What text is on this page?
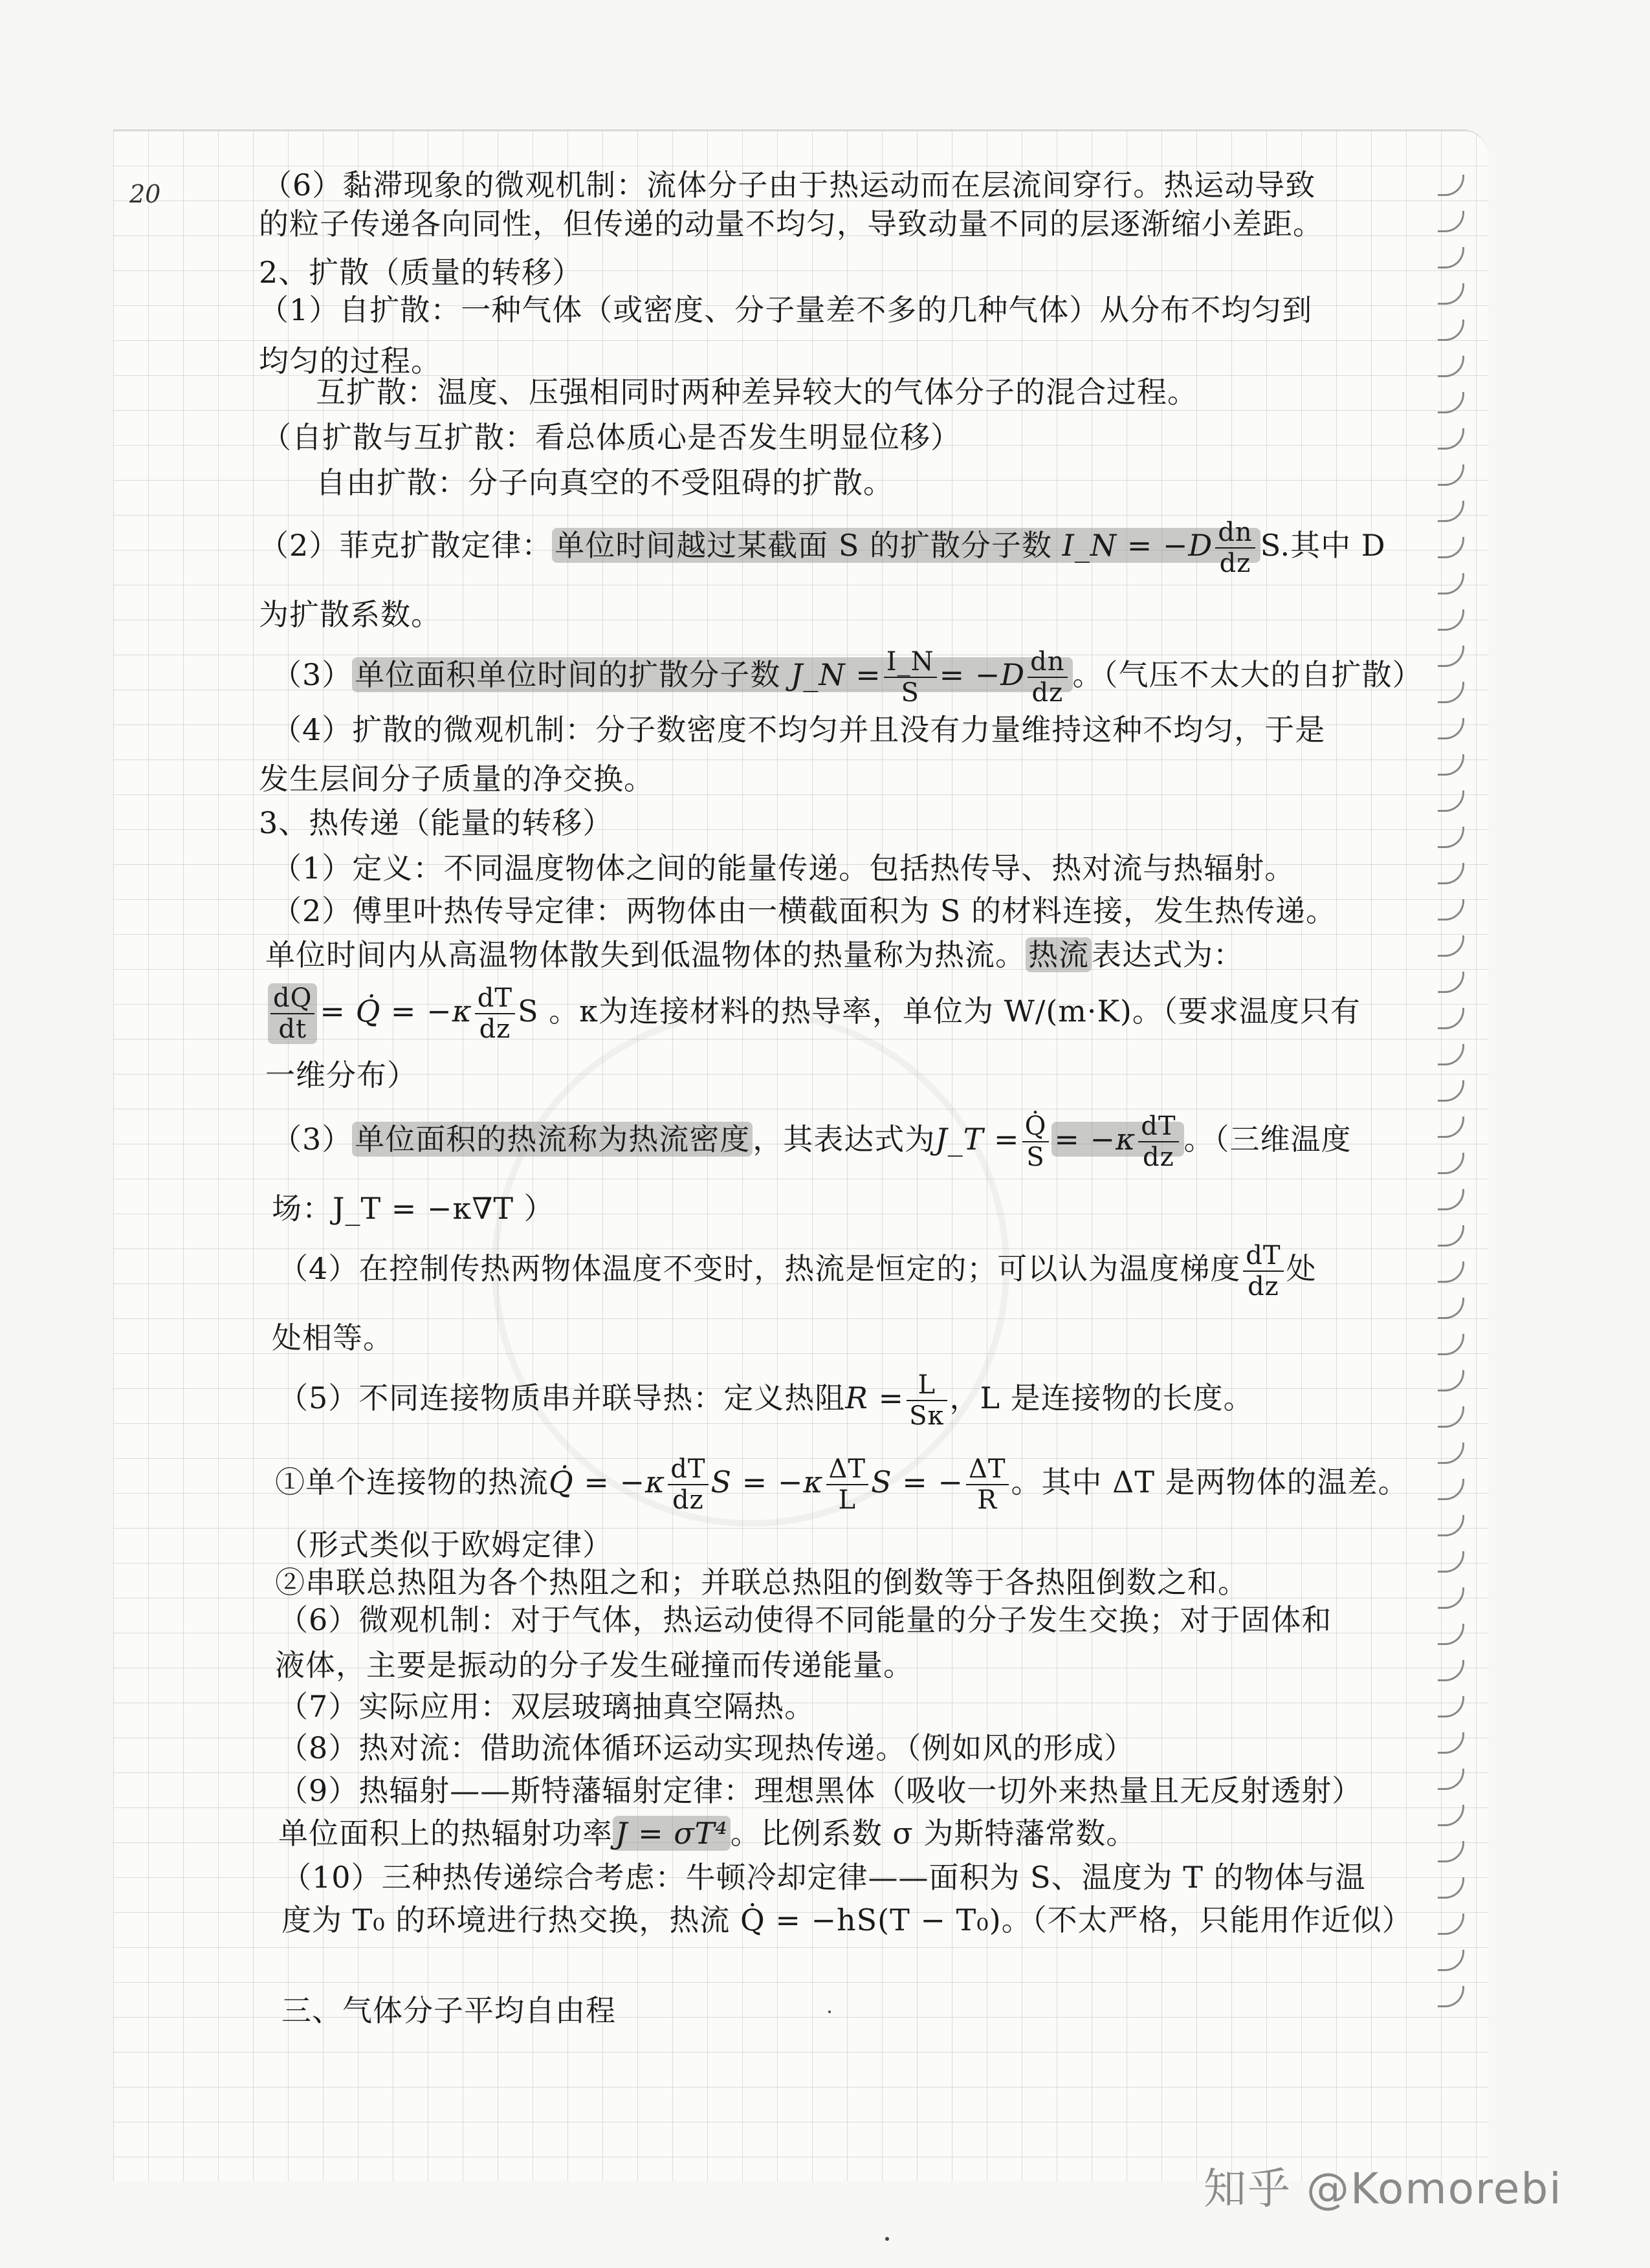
20	（6）黏滞现象的微观机制：流体分子由于热运动而在层流间穿行。热运动导致
的粒子传递各向同性，但传递的动量不均匀，导致动量不同的层逐渐缩小差距。
2、扩散（质量的转移）
（1）自扩散：一种气体（或密度、分子量差不多的几种气体）从分布不均匀到
均匀的过程。
互扩散：温度、压强相同时两种差异较大的气体分子的混合过程。
（自扩散与互扩散：看总体质心是否发生明显位移）
自由扩散：分子向真空的不受阻碍的扩散。
（2）菲克扩散定律：单位时间越过某截面 S 的扩散分子数 I_N = $-D \frac{dn}{dz} S$.其中 D
为扩散系数。
（3）单位面积单位时间的扩散分子数 J_N = $\frac{I\_N}{S} = -D \frac{dn}{dz}$ 。（气压不太大的自扩散）
（4）扩散的微观机制：分子数密度不均匀并且没有力量维持这种不均匀，于是
发生层间分子质量的净交换。
3、热传递（能量的转移）
（1）定义：不同温度物体之间的能量传递。包括热传导、热对流与热辐射。
（2）傅里叶热传导定律：两物体由一横截面积为 S 的材料连接，发生热传递。
单位时间内从高温物体散失到低温物体的热量称为热流。热流表达式为：
$\frac{dQ}{dt}$ = Q̇ = $-\kappa \frac{dT}{dz}$ S 。κ为连接材料的热导率，单位为 W/(m·K)。（要求温度只有
一维分布）
（3）单位面积的热流称为热流密度，其表达式为J_T = $\frac{Q̇}{S} = -\kappa \frac{dT}{dz}$ 。（三维温度
场：J_T = −κ∇T ）
（4）在控制传热两物体温度不变时，热流是恒定的；可以认为温度梯度 $\frac{dT}{dz}$ 处
处相等。
（5）不同连接物质串并联导热：定义热阻$R = \frac{L}{S\kappa}$ ，L 是连接物的长度。
①单个连接物的热流Q̇ = $-\kappa \frac{dT}{dz}$ $S = -\kappa \frac{\Delta T}{L}$ S = − $\frac{\Delta T}{R}$ 。其中 ΔT 是两物体的温差。
（形式类似于欧姆定律）
②串联总热阻为各个热阻之和；并联总热阻的倒数等于各热阻倒数之和。
（6）微观机制：对于气体，热运动使得不同能量的分子发生交换；对于固体和
液体，主要是振动的分子发生碰撞而传递能量。
（7）实际应用：双层玻璃抽真空隔热。
（8）热对流：借助流体循环运动实现热传递。（例如风的形成）
（9）热辐射——斯特藩辐射定律：理想黑体（吸收一切外来热量且无反射透射）
单位面积上的热辐射功率J = σT⁴。比例系数 σ 为斯特藩常数。
（10）三种热传递综合考虑：牛顿冷却定律——面积为 S、温度为 T 的物体与温
度为 T₀ 的环境进行热交换，热流 Q̇ = −hS(T − T₀)。（不太严格，只能用作近似）
三、气体分子平均自由程
知乎 @Komorebi
